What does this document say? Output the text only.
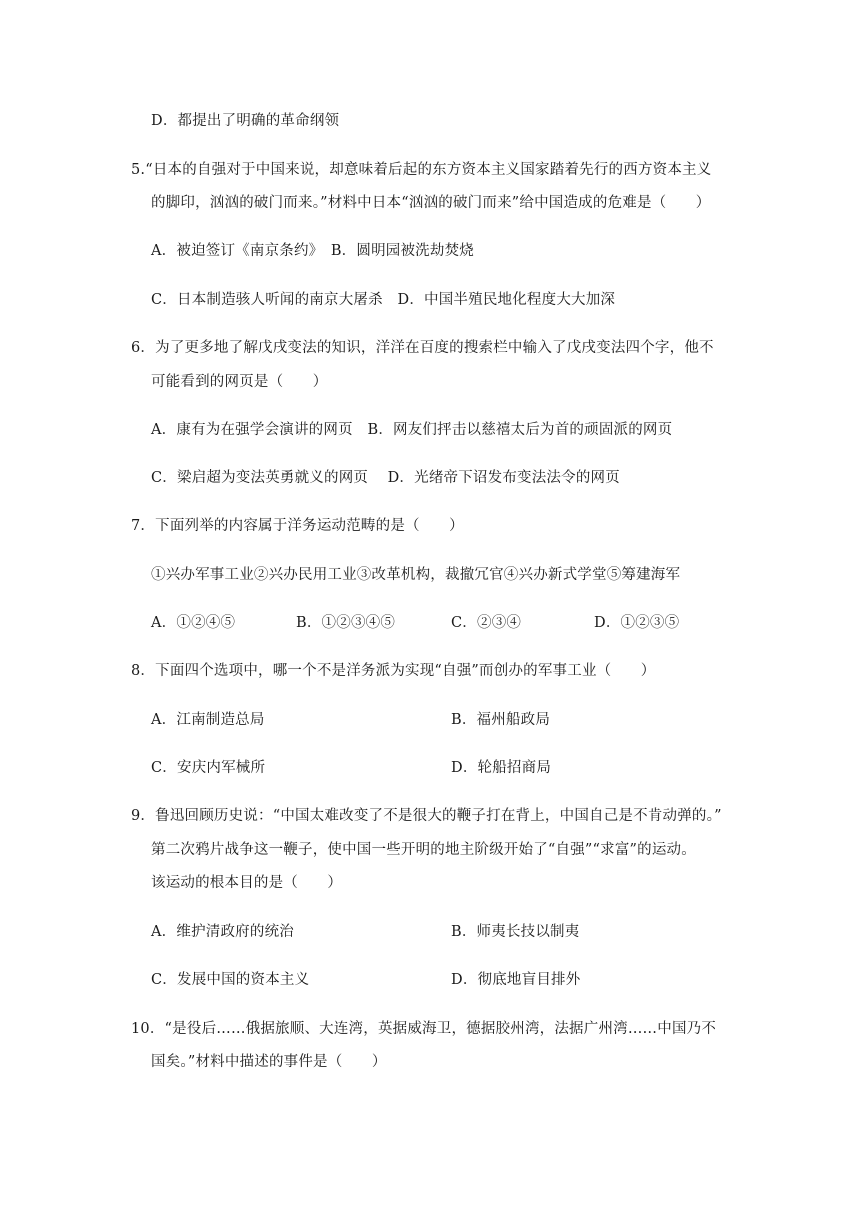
D．都提出了明确的革命纲领
5.“日本的自强对于中国来说，却意味着后起的东方资本主义国家踏着先行的西方资本主义
的脚印，汹汹的破门而来。”材料中日本“汹汹的破门而来”给中国造成的危难是（　　）
A．被迫签订《南京条约》　B．圆明园被洗劫焚烧
C．日本制造骇人听闻的南京大屠杀　D．中国半殖民地化程度大大加深
6．为了更多地了解戊戌变法的知识，洋洋在百度的搜索栏中输入了戊戌变法四个字，他不
可能看到的网页是（　　）
A．康有为在强学会演讲的网页　B．网友们抨击以慈禧太后为首的顽固派的网页
C．梁启超为变法英勇就义的网页　 D．光绪帝下诏发布变法法令的网页
7．下面列举的内容属于洋务运动范畴的是（　　）
①兴办军事工业②兴办民用工业③改革机构，裁撤冗官④兴办新式学堂⑤筹建海军
A．①②④⑤	B．①②③④⑤	C．②③④	D．①②③⑤
8．下面四个选项中，哪一个不是洋务派为实现“自强”而创办的军事工业（　　）
A．江南制造总局	B．福州船政局
C．安庆内军械所	D．轮船招商局
9．鲁迅回顾历史说：“中国太难改变了不是很大的鞭子打在背上，中国自己是不肯动弹的。”
第二次鸦片战争这一鞭子，使中国一些开明的地主阶级开始了“自强”“求富”的运动。
该运动的根本目的是（　　）
A．维护清政府的统治	B．师夷长技以制夷
C．发展中国的资本主义	D．彻底地盲目排外
10．“是役后……俄据旅顺、大连湾，英据威海卫，德据胶州湾，法据广州湾……中国乃不
国矣。”材料中描述的事件是（　　）
